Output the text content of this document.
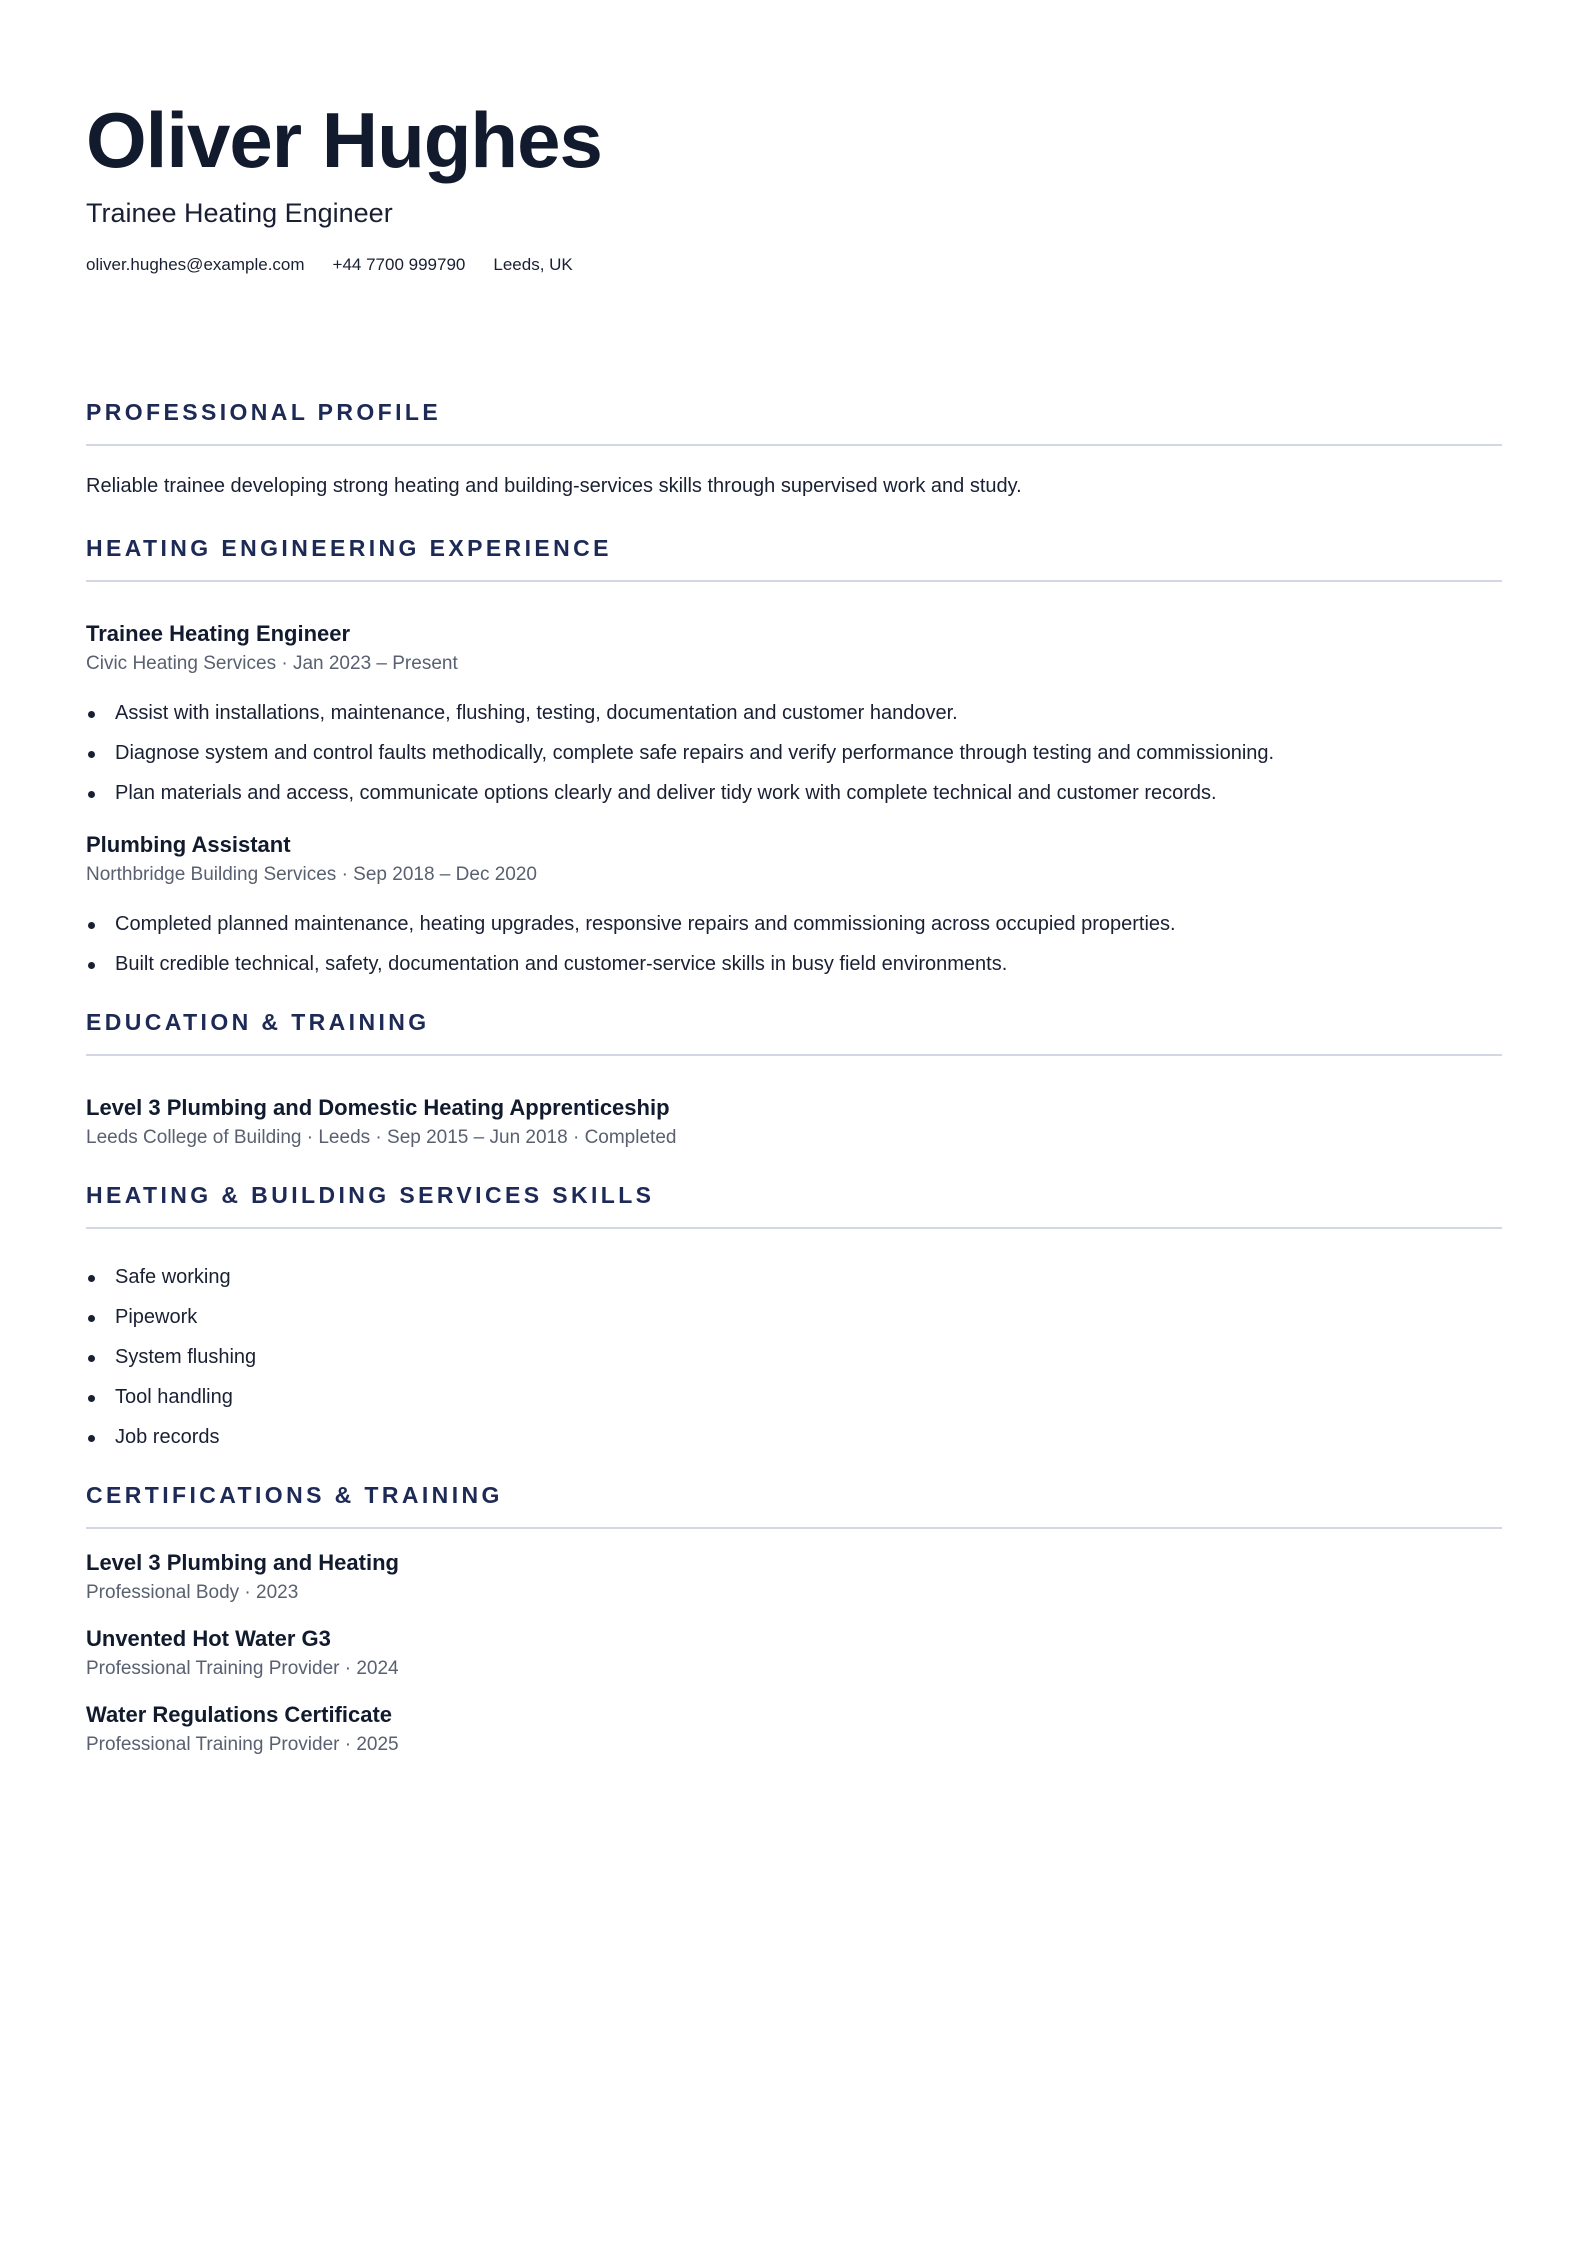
Oliver Hughes
Trainee Heating Engineer
oliver.hughes@example.com +44 7700 999790 Leeds, UK
PROFESSIONAL PROFILE
Reliable trainee developing strong heating and building-services skills through supervised work and study.
HEATING ENGINEERING EXPERIENCE
Trainee Heating Engineer
Civic Heating Services · Jan 2023 – Present
Assist with installations, maintenance, flushing, testing, documentation and customer handover.
Diagnose system and control faults methodically, complete safe repairs and verify performance through testing and commissioning.
Plan materials and access, communicate options clearly and deliver tidy work with complete technical and customer records.
Plumbing Assistant
Northbridge Building Services · Sep 2018 – Dec 2020
Completed planned maintenance, heating upgrades, responsive repairs and commissioning across occupied properties.
Built credible technical, safety, documentation and customer-service skills in busy field environments.
EDUCATION & TRAINING
Level 3 Plumbing and Domestic Heating Apprenticeship
Leeds College of Building · Leeds · Sep 2015 – Jun 2018 · Completed
HEATING & BUILDING SERVICES SKILLS
Safe working
Pipework
System flushing
Tool handling
Job records
CERTIFICATIONS & TRAINING
Level 3 Plumbing and Heating
Professional Body · 2023
Unvented Hot Water G3
Professional Training Provider · 2024
Water Regulations Certificate
Professional Training Provider · 2025
